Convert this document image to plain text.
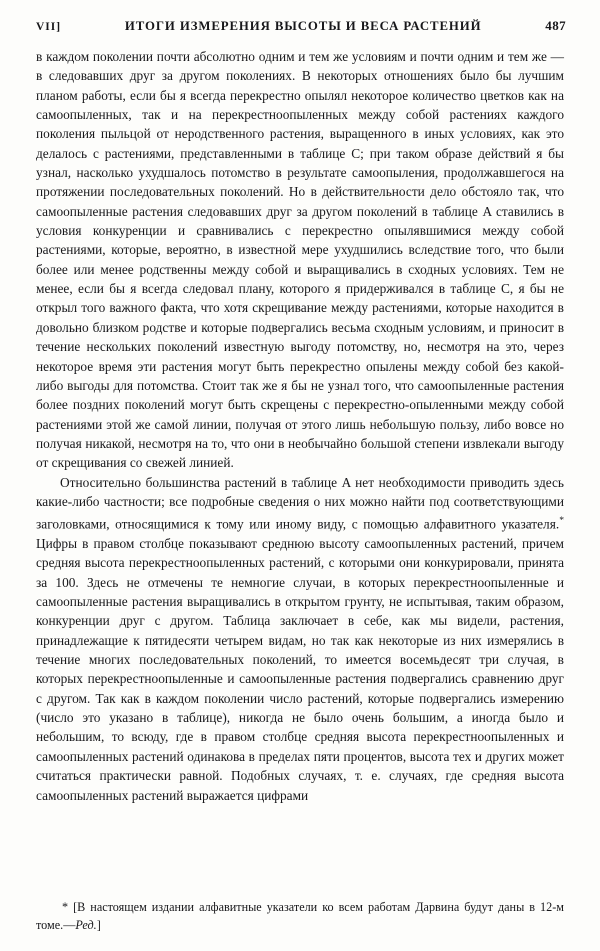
VII]	ИТОГИ ИЗМЕРЕНИЯ ВЫСОТЫ И ВЕСА РАСТЕНИЙ	487

в каждом поколении почти абсолютно одним и тем же условиям и почти одним и тем же — в следовавших друг за другом поколениях. В некоторых отношениях было бы лучшим планом работы, если бы я всегда перекрестно опылял некоторое количество цветков как на самоопыленных, так и на перекрестноопыленных между собой растениях каждого поколения пыльцой от неродственного растения, выращенного в иных условиях, как это делалось с растениями, представленными в таблице C; при таком образе действий я бы узнал, насколько ухудшалось потомство в результате самоопыления, продолжавшегося на протяжении последовательных поколений. Но в действительности дело обстояло так, что самоопыленные растения следовавших друг за другом поколений в таблице A ставились в условия конкуренции и сравнивались с перекрестно опылявшимися между собой растениями, которые, вероятно, в известной мере ухудшились вследствие того, что были более или менее родственны между собой и выращивались в сходных условиях. Тем не менее, если бы я всегда следовал плану, которого я придерживался в таблице C, я бы не открыл того важного факта, что хотя скрещивание между растениями, которые находится в довольно близком родстве и которые подвергались весьма сходным условиям, и приносит в течение нескольких поколений известную выгоду потомству, но, несмотря на это, через некоторое время эти растения могут быть перекрестно опылены между собой без какой-либо выгоды для потомства. Стоит так же я бы не узнал того, что самоопыленные растения более поздних поколений могут быть скрещены с перекрестно-опыленными между собой растениями этой же самой линии, получая от этого лишь небольшую пользу, либо вовсе но получая никакой, несмотря на то, что они в необычайно большой степени извлекали выгоду от скрещивания со свежей линией.

Относительно большинства растений в таблице A нет необходимости приводить здесь какие-либо частности; все подробные сведения о них можно найти под соответствующими заголовками, относящимися к тому или иному виду, с помощью алфавитного указателя.* Цифры в правом столбце показывают среднюю высоту самоопыленных растений, причем средняя высота перекрестноопыленных растений, с которыми они конкурировали, принята за 100. Здесь не отмечены те немногие случаи, в которых перекрестноопыленные и самоопыленные растения выращивались в открытом грунту, не испытывая, таким образом, конкуренции друг с другом. Таблица заключает в себе, как мы видели, растения, принадлежащие к пятидесяти четырем видам, но так как некоторые из них измерялись в течение многих последовательных поколений, то имеется восемьдесят три случая, в которых перекрестноопыленные и самоопыленные растения подвергались сравнению друг с другом. Так как в каждом поколении число растений, которые подвергались измерению (число это указано в таблице), никогда не было очень большим, а иногда было и небольшим, то всюду, где в правом столбце средняя высота перекрестноопыленных и самоопыленных растений одинакова в пределах пяти процентов, высота тех и других может считаться практически равной. Подобных случаях, т. е. случаях, где средняя высота самоопыленных растений выражается цифрами

* [В настоящем издании алфавитные указатели ко всем работам Дарвина будут даны в 12-м томе.—Ред.]
